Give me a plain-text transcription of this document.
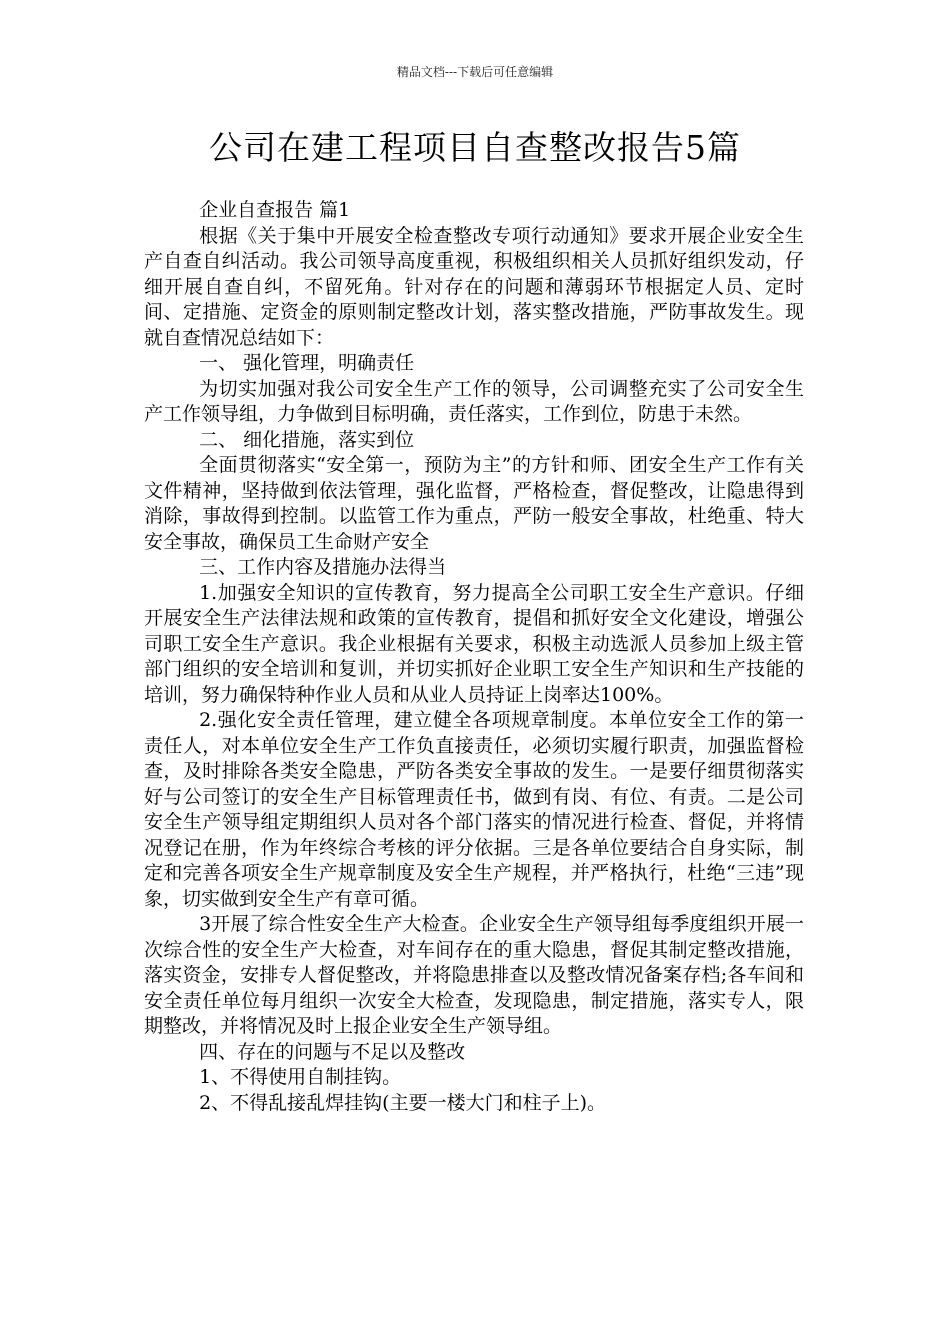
精品文档---下载后可任意编辑
公司在建工程项目自查整改报告5篇

企业自查报告 篇1

根据《关于集中开展安全检查整改专项行动通知》要求开展企业安全生产自查自纠活动。我公司领导高度重视，积极组织相关人员抓好组织发动，仔细开展自查自纠，不留死角。针对存在的问题和薄弱环节根据定人员、定时间、定措施、定资金的原则制定整改计划，落实整改措施，严防事故发生。现就自查情况总结如下：

一、 强化管理，明确责任

为切实加强对我公司安全生产工作的领导，公司调整充实了公司安全生产工作领导组，力争做到目标明确，责任落实，工作到位，防患于未然。

二、 细化措施，落实到位

全面贯彻落实“安全第一，预防为主”的方针和师、团安全生产工作有关文件精神，坚持做到依法管理，强化监督，严格检查，督促整改，让隐患得到消除，事故得到控制。以监管工作为重点，严防一般安全事故，杜绝重、特大安全事故，确保员工生命财产安全

三、工作内容及措施办法得当

1.加强安全知识的宣传教育，努力提高全公司职工安全生产意识。仔细开展安全生产法律法规和政策的宣传教育，提倡和抓好安全文化建设，增强公司职工安全生产意识。我企业根据有关要求，积极主动选派人员参加上级主管部门组织的安全培训和复训，并切实抓好企业职工安全生产知识和生产技能的培训，努力确保特种作业人员和从业人员持证上岗率达100%。

2.强化安全责任管理，建立健全各项规章制度。本单位安全工作的第一责任人，对本单位安全生产工作负直接责任，必须切实履行职责，加强监督检查，及时排除各类安全隐患，严防各类安全事故的发生。一是要仔细贯彻落实好与公司签订的安全生产目标管理责任书，做到有岗、有位、有责。二是公司安全生产领导组定期组织人员对各个部门落实的情况进行检查、督促，并将情况登记在册，作为年终综合考核的评分依据。三是各单位要结合自身实际，制定和完善各项安全生产规章制度及安全生产规程，并严格执行，杜绝“三违”现象，切实做到安全生产有章可循。

3开展了综合性安全生产大检查。企业安全生产领导组每季度组织开展一次综合性的安全生产大检查，对车间存在的重大隐患，督促其制定整改措施，落实资金，安排专人督促整改，并将隐患排查以及整改情况备案存档;各车间和安全责任单位每月组织一次安全大检查，发现隐患，制定措施，落实专人，限期整改，并将情况及时上报企业安全生产领导组。

四、存在的问题与不足以及整改

1、不得使用自制挂钩。

2、不得乱接乱焊挂钩(主要一楼大门和柱子上)。
